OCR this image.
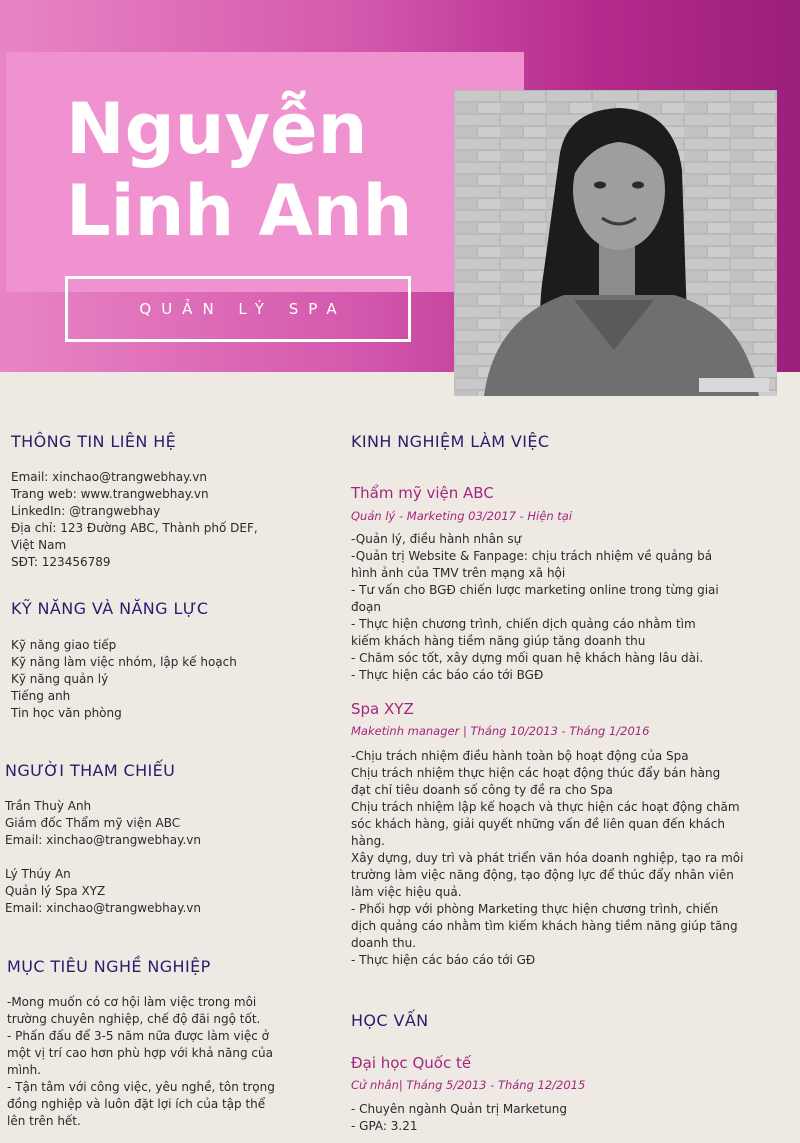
Nguyễn
Linh Anh
QUẢN LÝ SPA
THÔNG TIN LIÊN HỆ
Email: xinchao@trangwebhay.vn
Trang web: www.trangwebhay.vn
LinkedIn: @trangwebhay
Địa chỉ: 123 Đường ABC, Thành phố DEF,
Việt Nam
SĐT: 123456789
KỸ NĂNG VÀ NĂNG LỰC
Kỹ năng giao tiếp
Kỹ năng làm việc nhóm, lập kế hoạch
Kỹ năng quản lý
Tiếng anh
Tin học văn phòng
NGƯỜI THAM CHIẾU
Trần Thuỳ Anh
Giám đốc Thẩm mỹ viện ABC
Email: xinchao@trangwebhay.vn
Lý Thúy An
Quản lý Spa XYZ
Email: xinchao@trangwebhay.vn
MỤC TIÊU NGHỀ NGHIỆP
-Mong muốn có cơ hội làm việc trong môi
trường chuyên nghiệp, chế độ đãi ngộ tốt.
- Phấn đấu để 3-5 năm nữa được làm việc ở
một vị trí cao hơn phù hợp với khả năng của
mình.
- Tận tâm với công việc, yêu nghề, tôn trọng
đồng nghiệp và luôn đặt lợi ích của tập thể
lên trên hết.
KINH NGHIỆM LÀM VIỆC
Thẩm mỹ viện ABC
Quản lý - Marketing 03/2017 - Hiện tại
-Quản lý, điều hành nhân sự
-Quản trị Website & Fanpage: chịu trách nhiệm về quảng bá
hình ảnh của TMV trên mạng xã hội
- Tư vấn cho BGĐ chiến lược marketing online trong từng giai
đoạn
- Thực hiện chương trình, chiến dịch quảng cáo nhằm tìm
kiếm khách hàng tiềm năng giúp tăng doanh thu
- Chăm sóc tốt, xây dựng mối quan hệ khách hàng lâu dài.
- Thực hiện các báo cáo tới BGĐ
Spa XYZ
Maketinh manager | Tháng 10/2013 - Tháng 1/2016
-Chịu trách nhiệm điều hành toàn bộ hoạt động của Spa
Chịu trách nhiệm thực hiện các hoạt động thúc đẩy bán hàng
đạt chỉ tiêu doanh số công ty đề ra cho Spa
Chịu trách nhiệm lập kế hoạch và thực hiện các hoạt động chăm
sóc khách hàng, giải quyết những vấn đề liên quan đến khách
hàng.
Xây dựng, duy trì và phát triển văn hóa doanh nghiệp, tạo ra môi
trường làm việc năng động, tạo động lực để thúc đẩy nhân viên
làm việc hiệu quả.
- Phối hợp với phòng Marketing thực hiện chương trình, chiến
dịch quảng cáo nhằm tìm kiếm khách hàng tiềm năng giúp tăng
doanh thu.
- Thực hiện các báo cáo tới GĐ
HỌC VẤN
Đại học Quốc tế
Cử nhân| Tháng 5/2013 - Tháng 12/2015
- Chuyên ngành Quản trị Marketung
- GPA: 3.21
